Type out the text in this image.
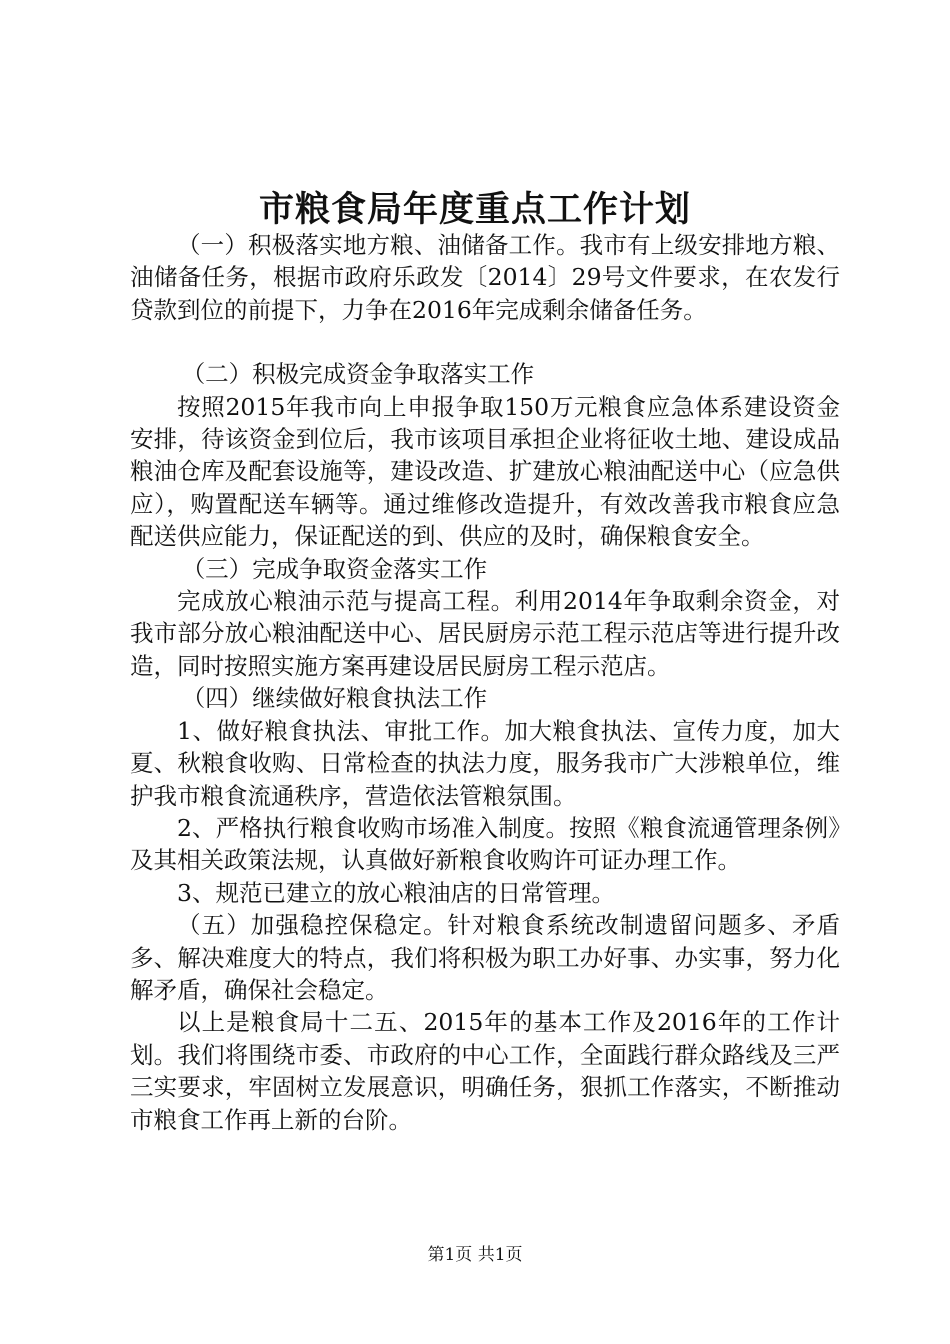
市粮食局年度重点工作计划

（一）积极落实地方粮、油储备工作。我市有上级安排地方粮、油储备任务，根据市政府乐政发〔2014〕29号文件要求，在农发行贷款到位的前提下，力争在2016年完成剩余储备任务。

（二）积极完成资金争取落实工作

按照2015年我市向上申报争取150万元粮食应急体系建设资金安排，待该资金到位后，我市该项目承担企业将征收土地、建设成品粮油仓库及配套设施等，建设改造、扩建放心粮油配送中心（应急供应），购置配送车辆等。通过维修改造提升，有效改善我市粮食应急配送供应能力，保证配送的到、供应的及时，确保粮食安全。

（三）完成争取资金落实工作

完成放心粮油示范与提高工程。利用2014年争取剩余资金，对我市部分放心粮油配送中心、居民厨房示范工程示范店等进行提升改造，同时按照实施方案再建设居民厨房工程示范店。

（四）继续做好粮食执法工作

1、做好粮食执法、审批工作。加大粮食执法、宣传力度，加大夏、秋粮食收购、日常检查的执法力度，服务我市广大涉粮单位，维护我市粮食流通秩序，营造依法管粮氛围。

2、严格执行粮食收购市场准入制度。按照《粮食流通管理条例》及其相关政策法规，认真做好新粮食收购许可证办理工作。

3、规范已建立的放心粮油店的日常管理。

（五）加强稳控保稳定。针对粮食系统改制遗留问题多、矛盾多、解决难度大的特点，我们将积极为职工办好事、办实事，努力化解矛盾，确保社会稳定。

以上是粮食局十二五、2015年的基本工作及2016年的工作计划。我们将围绕市委、市政府的中心工作，全面践行群众路线及三严三实要求，牢固树立发展意识，明确任务，狠抓工作落实，不断推动市粮食工作再上新的台阶。

第1页 共1页
